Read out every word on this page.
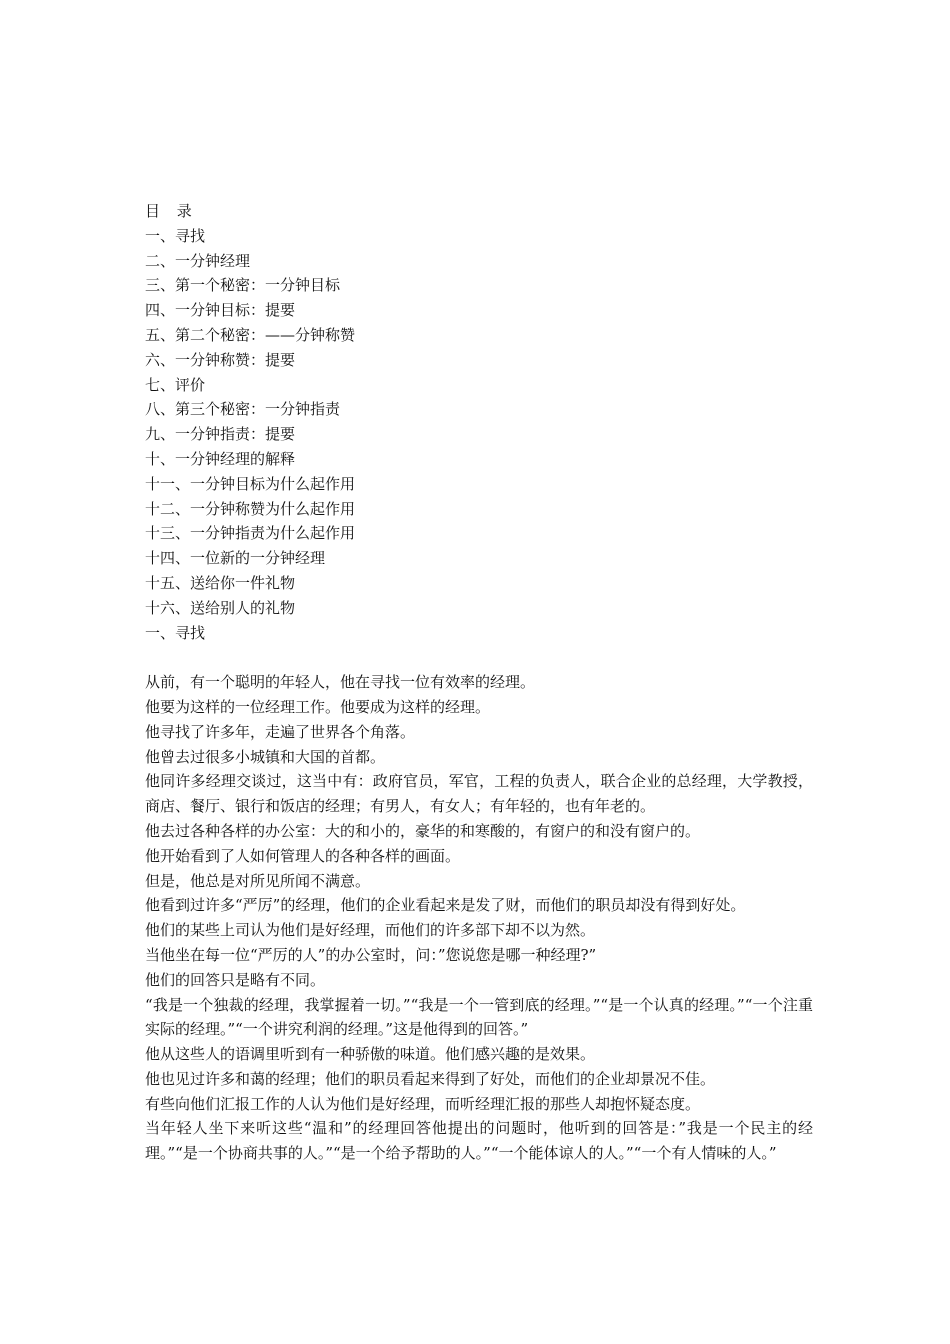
目 录
一、寻找
二、一分钟经理
三、第一个秘密：一分钟目标
四、一分钟目标：提要
五、第二个秘密：——分钟称赞
六、一分钟称赞：提要
七、评价
八、第三个秘密：一分钟指责
九、一分钟指责：提要
十、一分钟经理的解释
十一、一分钟目标为什么起作用
十二、一分钟称赞为什么起作用
十三、一分钟指责为什么起作用
十四、一位新的一分钟经理
十五、送给你一件礼物
十六、送给别人的礼物
一、寻找
从前，有一个聪明的年轻人，他在寻找一位有效率的经理。
他要为这样的一位经理工作。他要成为这样的经理。
他寻找了许多年，走遍了世界各个角落。
他曾去过很多小城镇和大国的首都。
他同许多经理交谈过，这当中有：政府官员，军官，工程的负责人，联合企业的总经理，大学教授，商店、餐厅、银行和饭店的经理；有男人，有女人；有年轻的，也有年老的。
他去过各种各样的办公室：大的和小的，豪华的和寒酸的，有窗户的和没有窗户的。
他开始看到了人如何管理人的各种各样的画面。
但是，他总是对所见所闻不满意。
他看到过许多“严厉”的经理，他们的企业看起来是发了财，而他们的职员却没有得到好处。
他们的某些上司认为他们是好经理，而他们的许多部下却不以为然。
当他坐在每一位“严厉的人”的办公室时，问：”您说您是哪一种经理?”
他们的回答只是略有不同。
“我是一个独裁的经理，我掌握着一切。”“我是一个一管到底的经理。”“是一个认真的经理。”“一个注重实际的经理。”“一个讲究利润的经理。”这是他得到的回答。”
他从这些人的语调里听到有一种骄傲的味道。他们感兴趣的是效果。
他也见过许多和蔼的经理；他们的职员看起来得到了好处，而他们的企业却景况不佳。
有些向他们汇报工作的人认为他们是好经理，而听经理汇报的那些人却抱怀疑态度。
当年轻人坐下来听这些“温和”的经理回答他提出的问题时，他听到的回答是：”我是一个民主的经理。”“是一个协商共事的人。”“是一个给予帮助的人。”“一个能体谅人的人。”“一个有人情味的人。”
